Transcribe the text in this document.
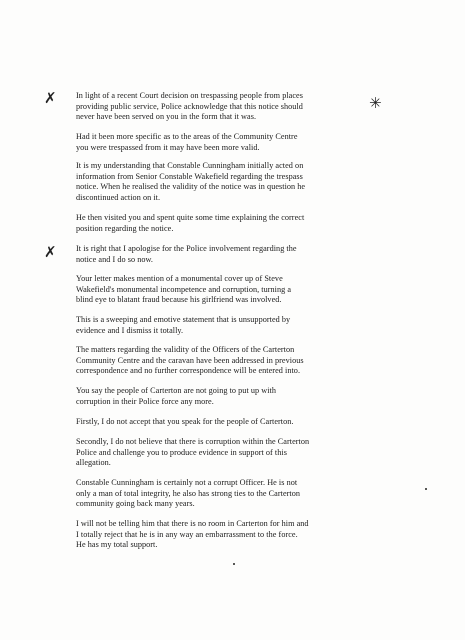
✗	✳
✗

In light of a recent Court decision on trespassing people from places
providing public service, Police acknowledge that this notice should
never have been served on you in the form that it was.

Had it been more specific as to the areas of the Community Centre
you were trespassed from it may have been more valid.

It is my understanding that Constable Cunningham initially acted on
information from Senior Constable Wakefield regarding the trespass
notice. When he realised the validity of the notice was in question he
discontinued action on it.

He then visited you and spent quite some time explaining the correct
position regarding the notice.

It is right that I apologise for the Police involvement regarding the
notice and I do so now.

Your letter makes mention of a monumental cover up of Steve
Wakefield's monumental incompetence and corruption, turning a
blind eye to blatant fraud because his girlfriend was involved.

This is a sweeping and emotive statement that is unsupported by
evidence and I dismiss it totally.

The matters regarding the validity of the Officers of the Carterton
Community Centre and the caravan have been addressed in previous
correspondence and no further correspondence will be entered into.

You say the people of Carterton are not going to put up with
corruption in their Police force any more.

Firstly, I do not accept that you speak for the people of Carterton.

Secondly, I do not believe that there is corruption within the Carterton
Police and challenge you to produce evidence in support of this
allegation.

Constable Cunningham is certainly not a corrupt Officer. He is not
only a man of total integrity, he also has strong ties to the Carterton
community going back many years.

I will not be telling him that there is no room in Carterton for him and
I totally reject that he is in any way an embarrassment to the force.
He has my total support.
